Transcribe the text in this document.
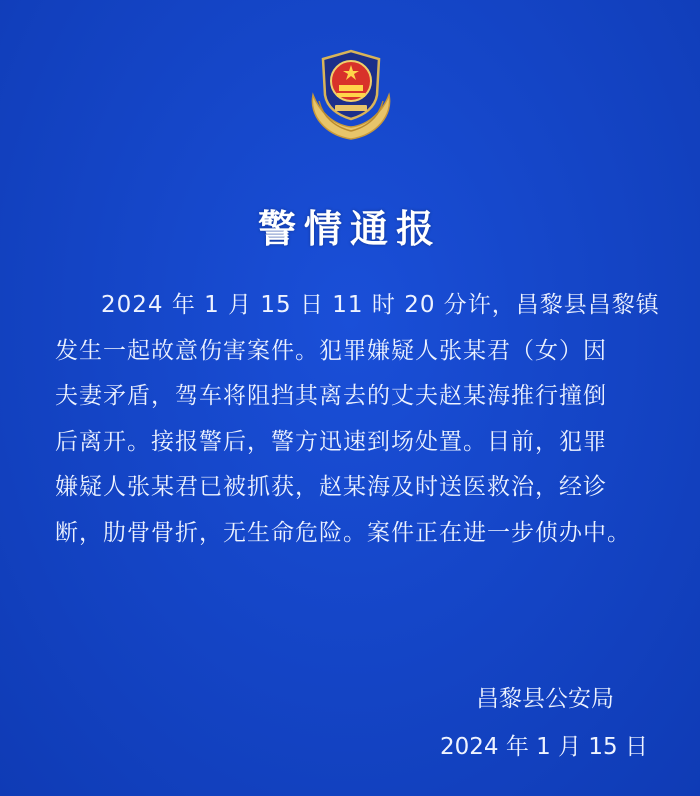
警情通报

2024 年 1 月 15 日 11 时 20 分许，昌黎县昌黎镇

发生一起故意伤害案件。犯罪嫌疑人张某君（女）因

夫妻矛盾，驾车将阻挡其离去的丈夫赵某海推行撞倒

后离开。接报警后，警方迅速到场处置。目前，犯罪

嫌疑人张某君已被抓获，赵某海及时送医救治，经诊

断，肋骨骨折，无生命危险。案件正在进一步侦办中。

昌黎县公安局
2024 年 1 月 15 日
